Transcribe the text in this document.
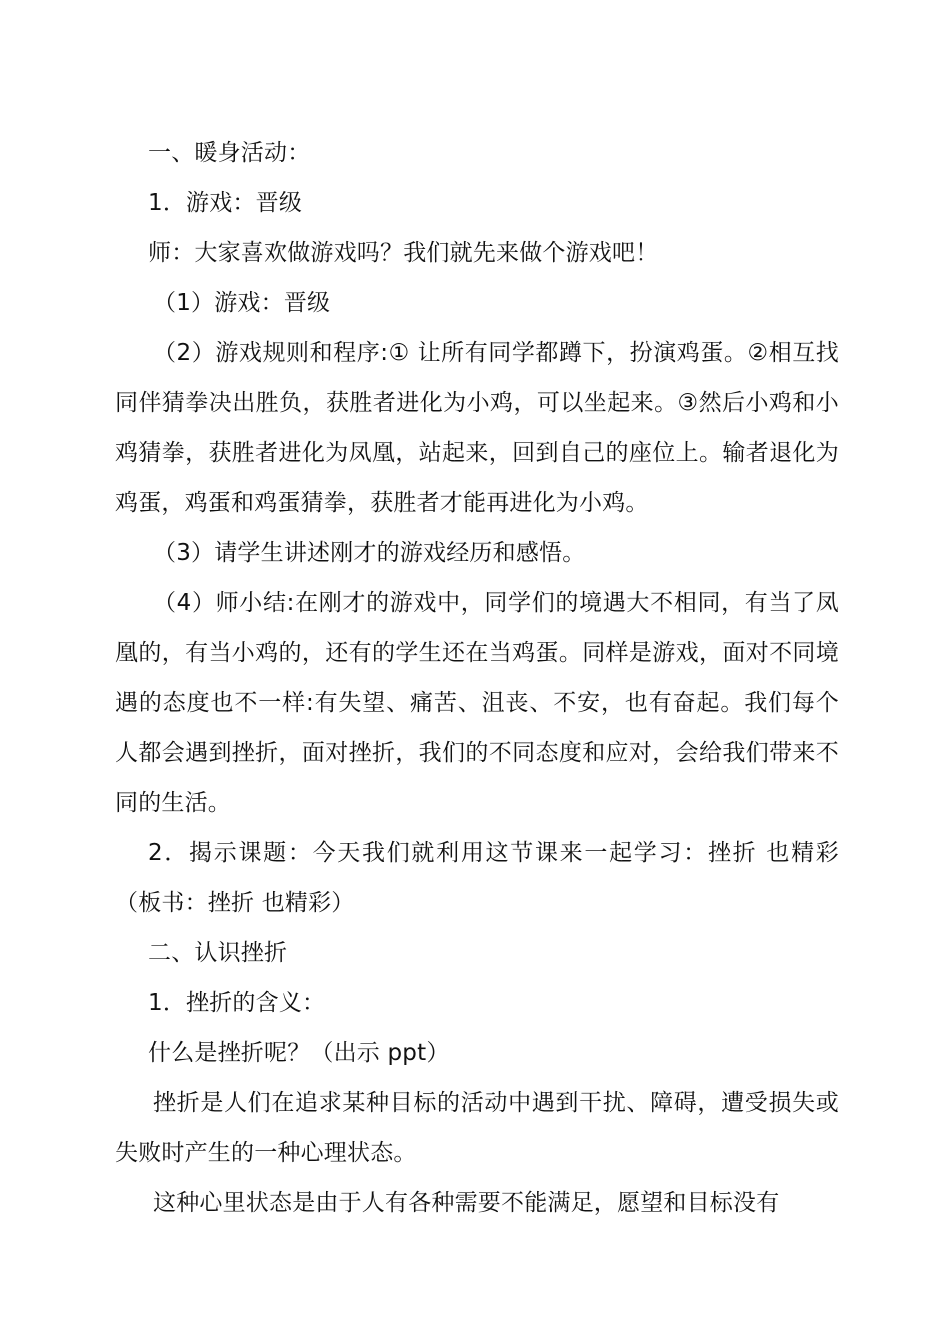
一、暖身活动：

1．游戏：晋级

师：大家喜欢做游戏吗？我们就先来做个游戏吧！

（1）游戏：晋级

（2）游戏规则和程序:① 让所有同学都蹲下，扮演鸡蛋。②相互找同伴猜拳决出胜负，获胜者进化为小鸡，可以坐起来。③然后小鸡和小鸡猜拳，获胜者进化为凤凰，站起来，回到自己的座位上。输者退化为鸡蛋，鸡蛋和鸡蛋猜拳，获胜者才能再进化为小鸡。

（3）请学生讲述刚才的游戏经历和感悟。

（4）师小结:在刚才的游戏中，同学们的境遇大不相同，有当了凤凰的，有当小鸡的，还有的学生还在当鸡蛋。同样是游戏，面对不同境遇的态度也不一样:有失望、痛苦、沮丧、不安，也有奋起。我们每个人都会遇到挫折，面对挫折，我们的不同态度和应对，会给我们带来不同的生活。

2．揭示课题：今天我们就利用这节课来一起学习：挫折 也精彩（板书：挫折 也精彩）

二、认识挫折

1．挫折的含义：

什么是挫折呢？（出示 ppt）

挫折是人们在追求某种目标的活动中遇到干扰、障碍，遭受损失或失败时产生的一种心理状态。

这种心里状态是由于人有各种需要不能满足，愿望和目标没有
